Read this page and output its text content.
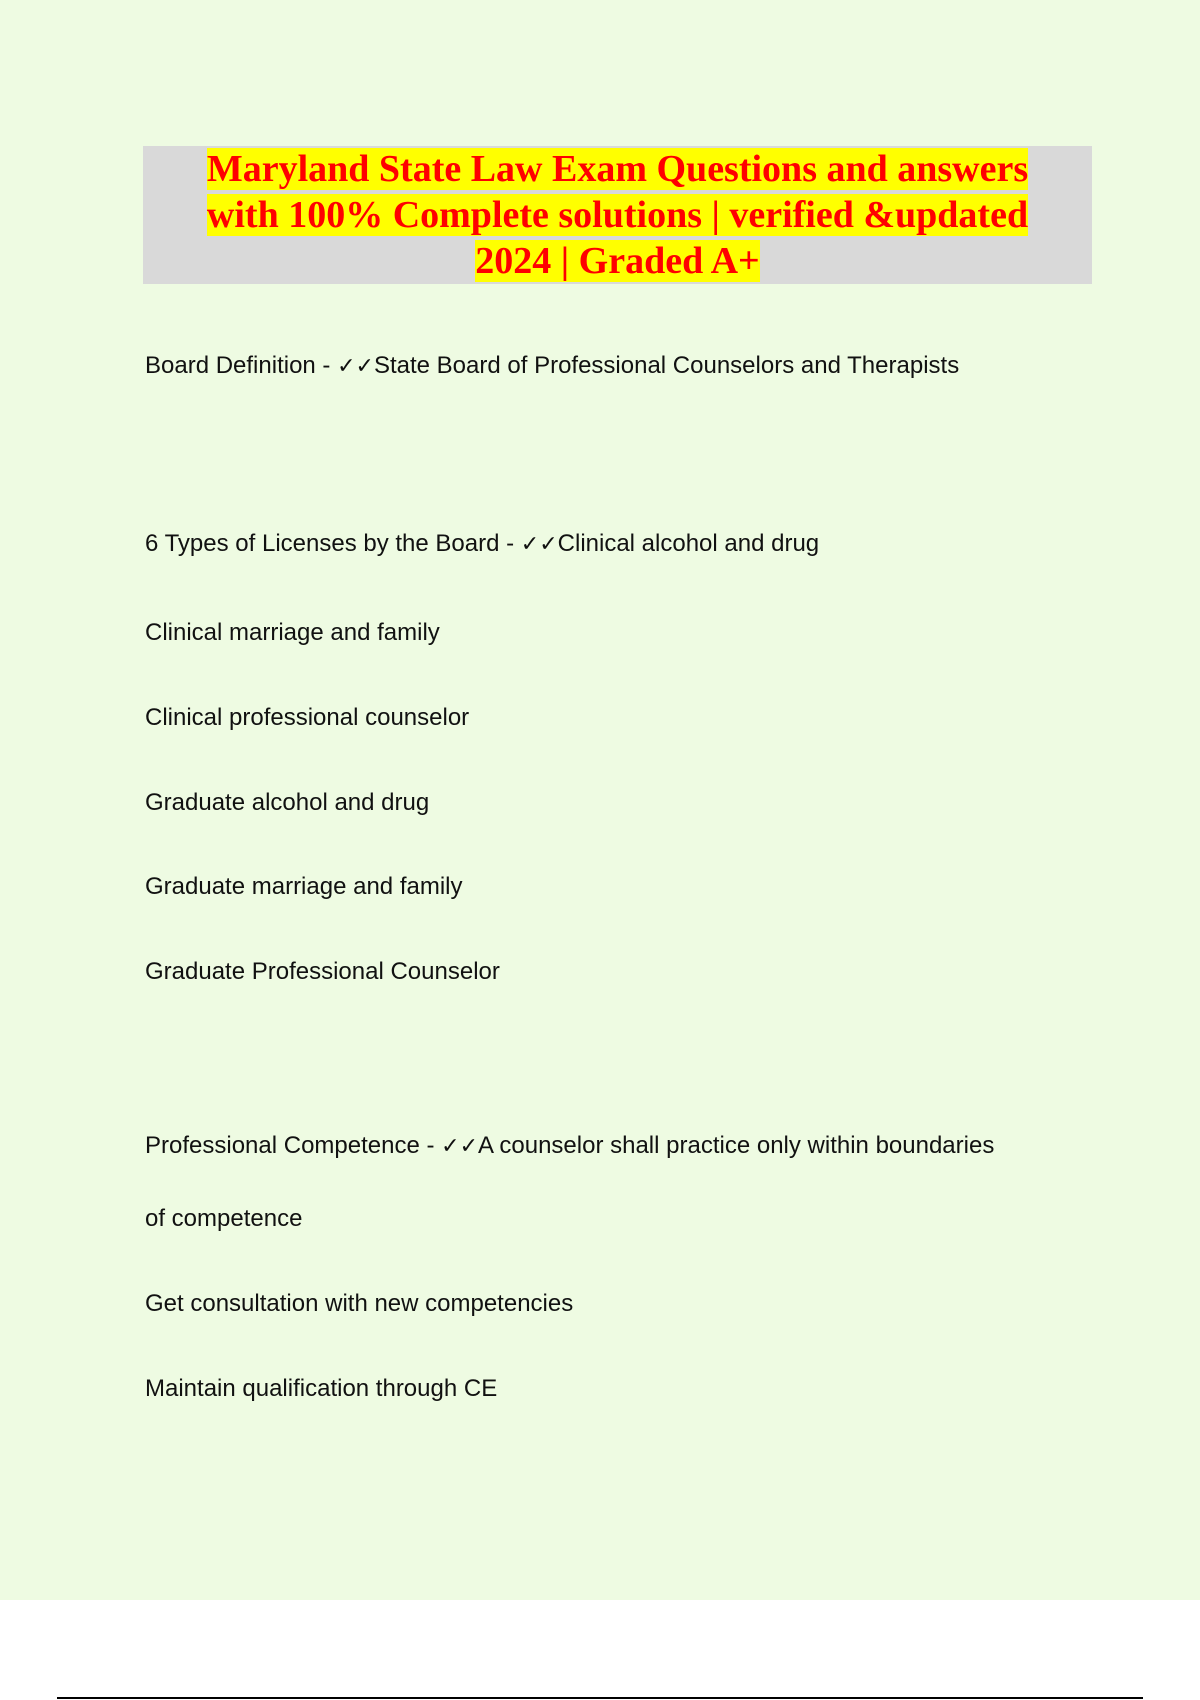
Maryland State Law Exam Questions and answers with 100% Complete solutions | verified &updated 2024 | Graded A+

Board Definition - ✓✓State Board of Professional Counselors and Therapists

6 Types of Licenses by the Board - ✓✓Clinical alcohol and drug

Clinical marriage and family

Clinical professional counselor

Graduate alcohol and drug

Graduate marriage and family

Graduate Professional Counselor

Professional Competence - ✓✓A counselor shall practice only within boundaries

of competence

Get consultation with new competencies

Maintain qualification through CE
